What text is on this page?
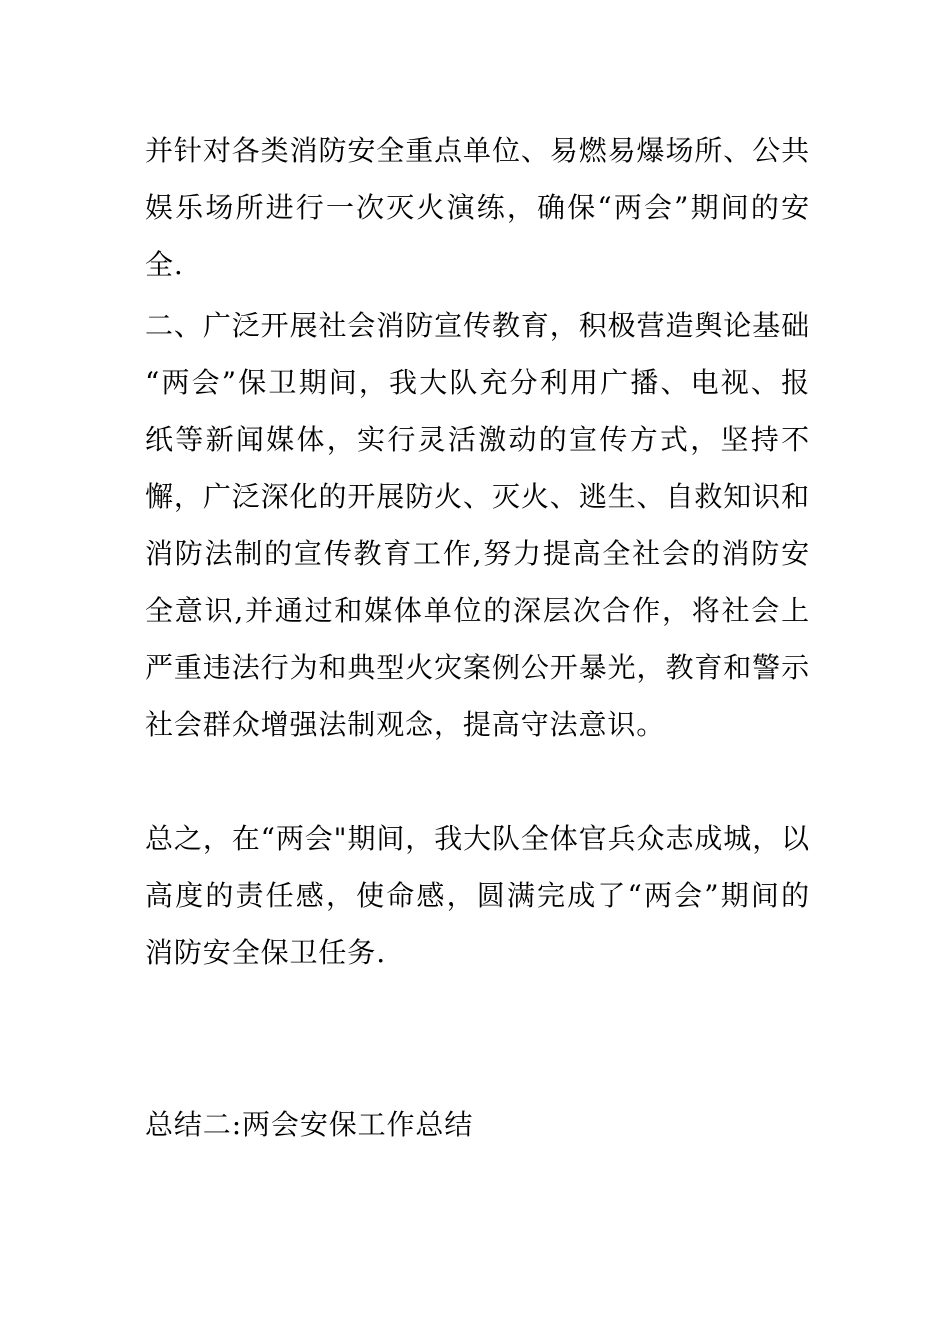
并针对各类消防安全重点单位、易燃易爆场所、公共娱乐场所进行一次灭火演练，确保“两会”期间的安全.

二、广泛开展社会消防宣传教育，积极营造舆论基础 “两会”保卫期间，我大队充分利用广播、电视、报纸等新闻媒体，实行灵活激动的宣传方式，坚持不懈，广泛深化的开展防火、灭火、逃生、自救知识和消防法制的宣传教育工作,努力提高全社会的消防安全意识,并通过和媒体单位的深层次合作，将社会上严重违法行为和典型火灾案例公开暴光，教育和警示社会群众增强法制观念，提高守法意识。

总之，在“两会"期间，我大队全体官兵众志成城，以高度的责任感，使命感，圆满完成了“两会”期间的消防安全保卫任务.

总结二:两会安保工作总结
